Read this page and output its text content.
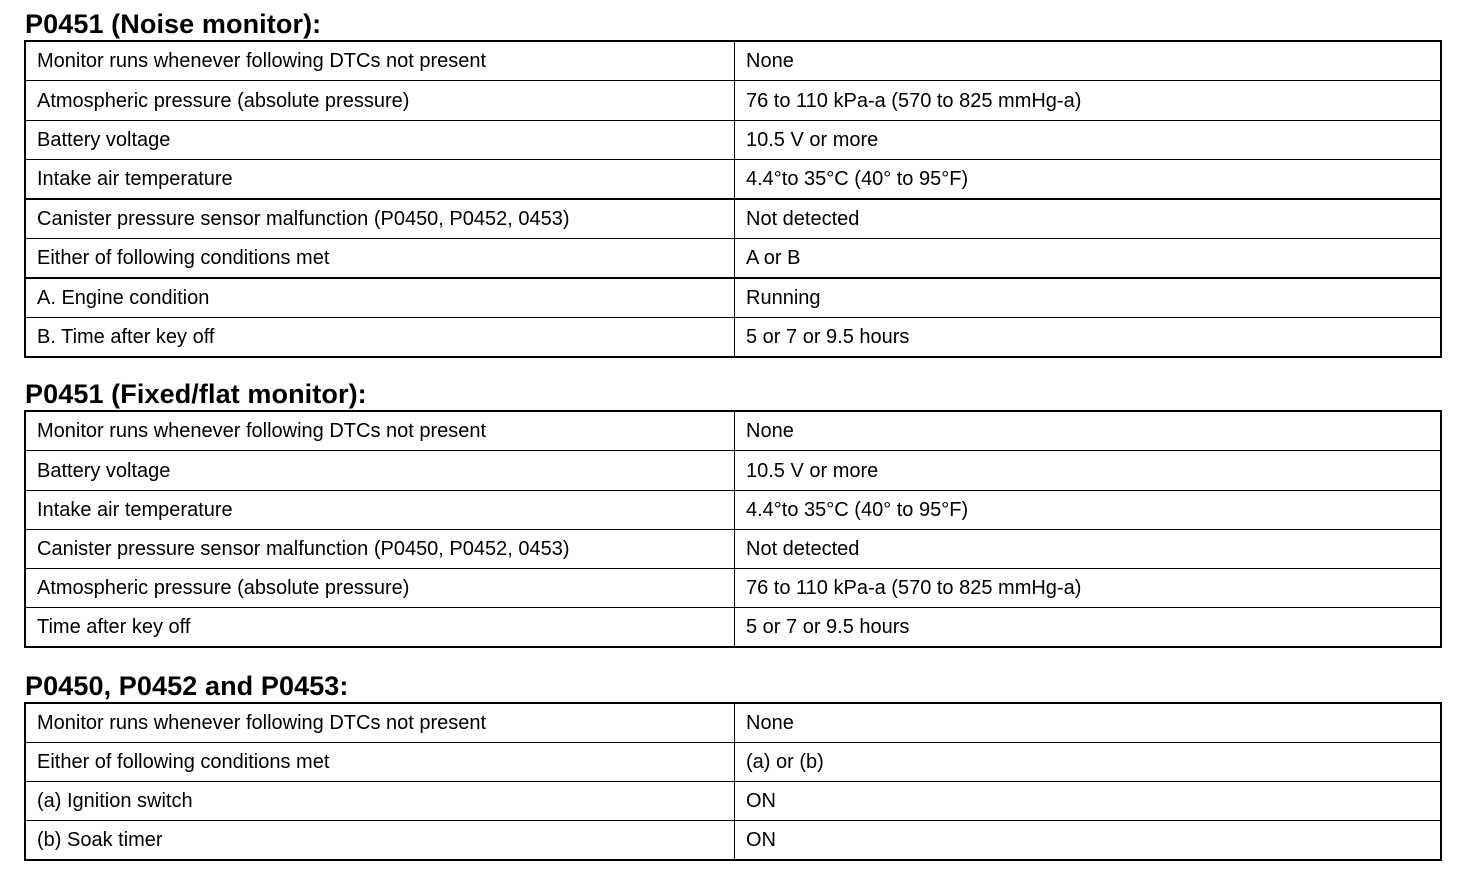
P0451 (Noise monitor):
Monitor runs whenever following DTCs not present	None
Atmospheric pressure (absolute pressure)	76 to 110 kPa-a (570 to 825 mmHg-a)
Battery voltage	10.5 V or more
Intake air temperature	4.4°to 35°C (40° to 95°F)
Canister pressure sensor malfunction (P0450, P0452, 0453)	Not detected
Either of following conditions met	A or B
A. Engine condition	Running
B. Time after key off	5 or 7 or 9.5 hours
P0451 (Fixed/flat monitor):
Monitor runs whenever following DTCs not present	None
Battery voltage	10.5 V or more
Intake air temperature	4.4°to 35°C (40° to 95°F)
Canister pressure sensor malfunction (P0450, P0452, 0453)	Not detected
Atmospheric pressure (absolute pressure)	76 to 110 kPa-a (570 to 825 mmHg-a)
Time after key off	5 or 7 or 9.5 hours
P0450, P0452 and P0453:
Monitor runs whenever following DTCs not present	None
Either of following conditions met	(a) or (b)
(a) Ignition switch	ON
(b) Soak timer	ON
